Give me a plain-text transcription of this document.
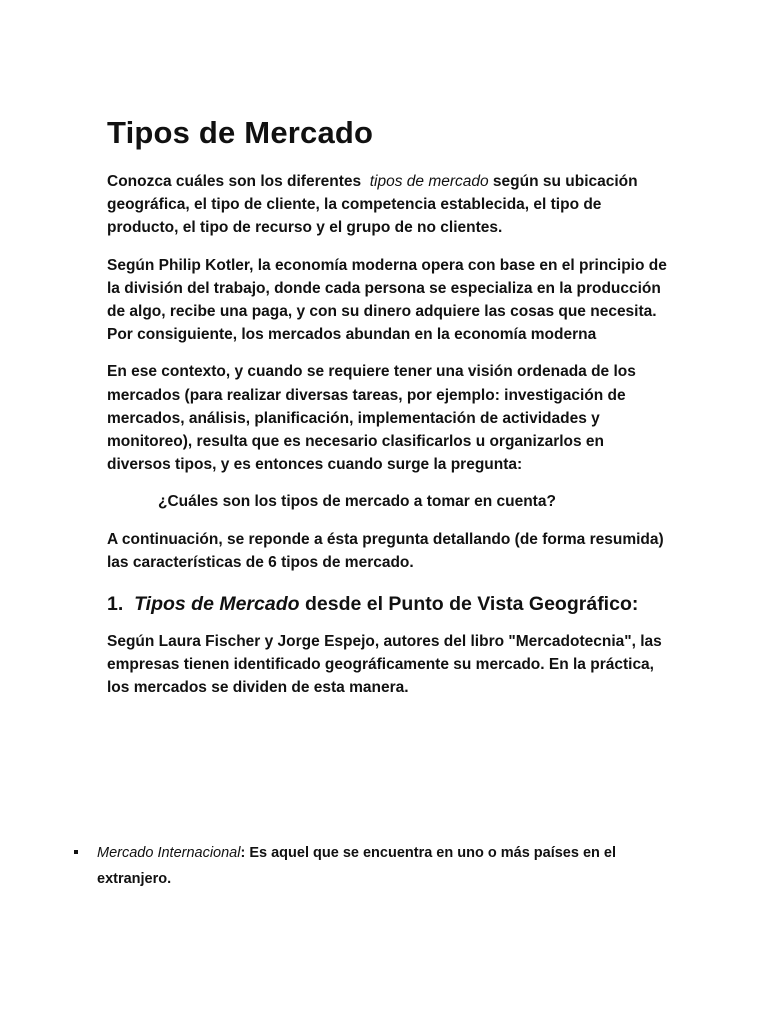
Tipos de Mercado

Conozca cuáles son los diferentes  tipos de mercado según su ubicación geográfica, el tipo de cliente, la competencia establecida, el tipo de producto, el tipo de recurso y el grupo de no clientes.

Según Philip Kotler, la economía moderna opera con base en el principio de la división del trabajo, donde cada persona se especializa en la producción de algo, recibe una paga, y con su dinero adquiere las cosas que necesita. Por consiguiente, los mercados abundan en la economía moderna

En ese contexto, y cuando se requiere tener una visión ordenada de los mercados (para realizar diversas tareas, por ejemplo: investigación de mercados, análisis, planificación, implementación de actividades y monitoreo), resulta que es necesario clasificarlos u organizarlos en diversos tipos, y es entonces cuando surge la pregunta:

¿Cuáles son los tipos de mercado a tomar en cuenta?

A continuación, se reponde a ésta pregunta detallando (de forma resumida) las características de 6 tipos de mercado.

1. Tipos de Mercado desde el Punto de Vista Geográfico:

Según Laura Fischer y Jorge Espejo, autores del libro "Mercadotecnia", las empresas tienen identificado geográficamente su mercado. En la práctica, los mercados se dividen de esta manera.

Mercado Internacional: Es aquel que se encuentra en uno o más países en el extranjero.
